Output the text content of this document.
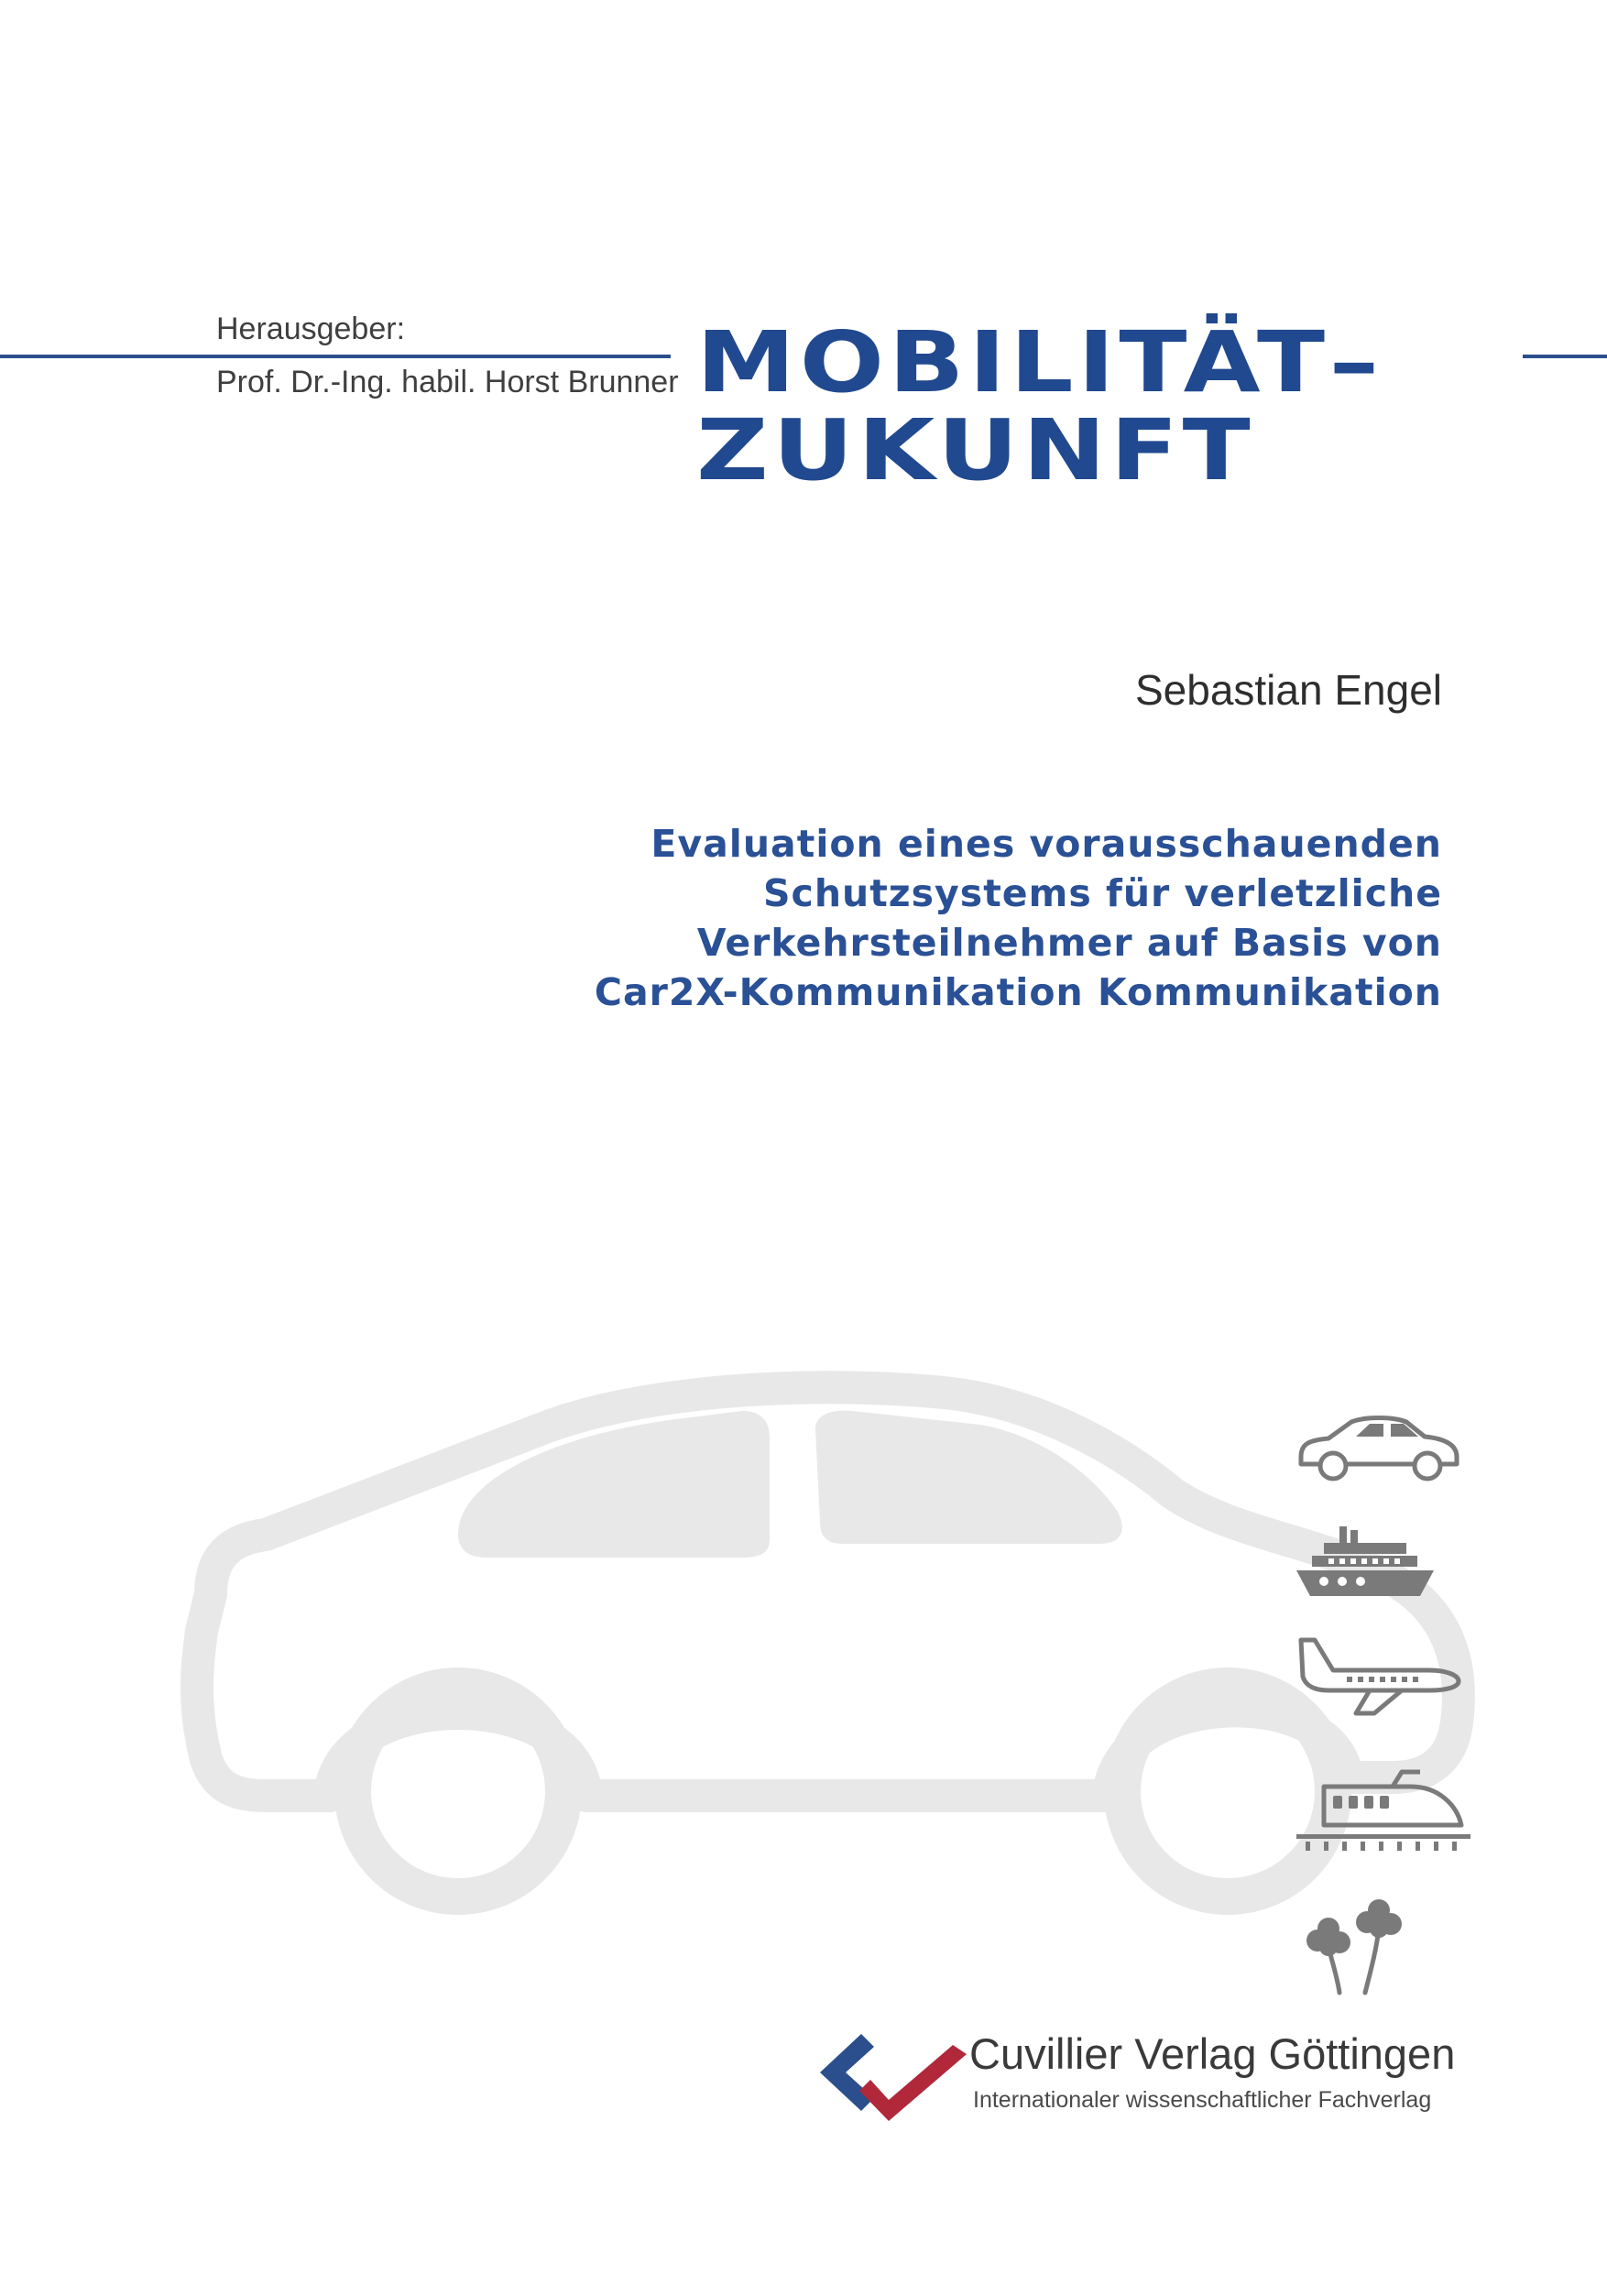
Herausgeber:
Prof. Dr.-Ing. habil. Horst Brunner MOBILITÄT–
ZUKUNFT
Sebastian Engel
Evaluation eines vorausschauenden
Schutzsystems für verletzliche
Verkehrsteilnehmer auf Basis von
Car2X-Kommunikation Kommunikation
Cuvillier Verlag Göttingen
Internationaler wissenschaftlicher Fachverlag
